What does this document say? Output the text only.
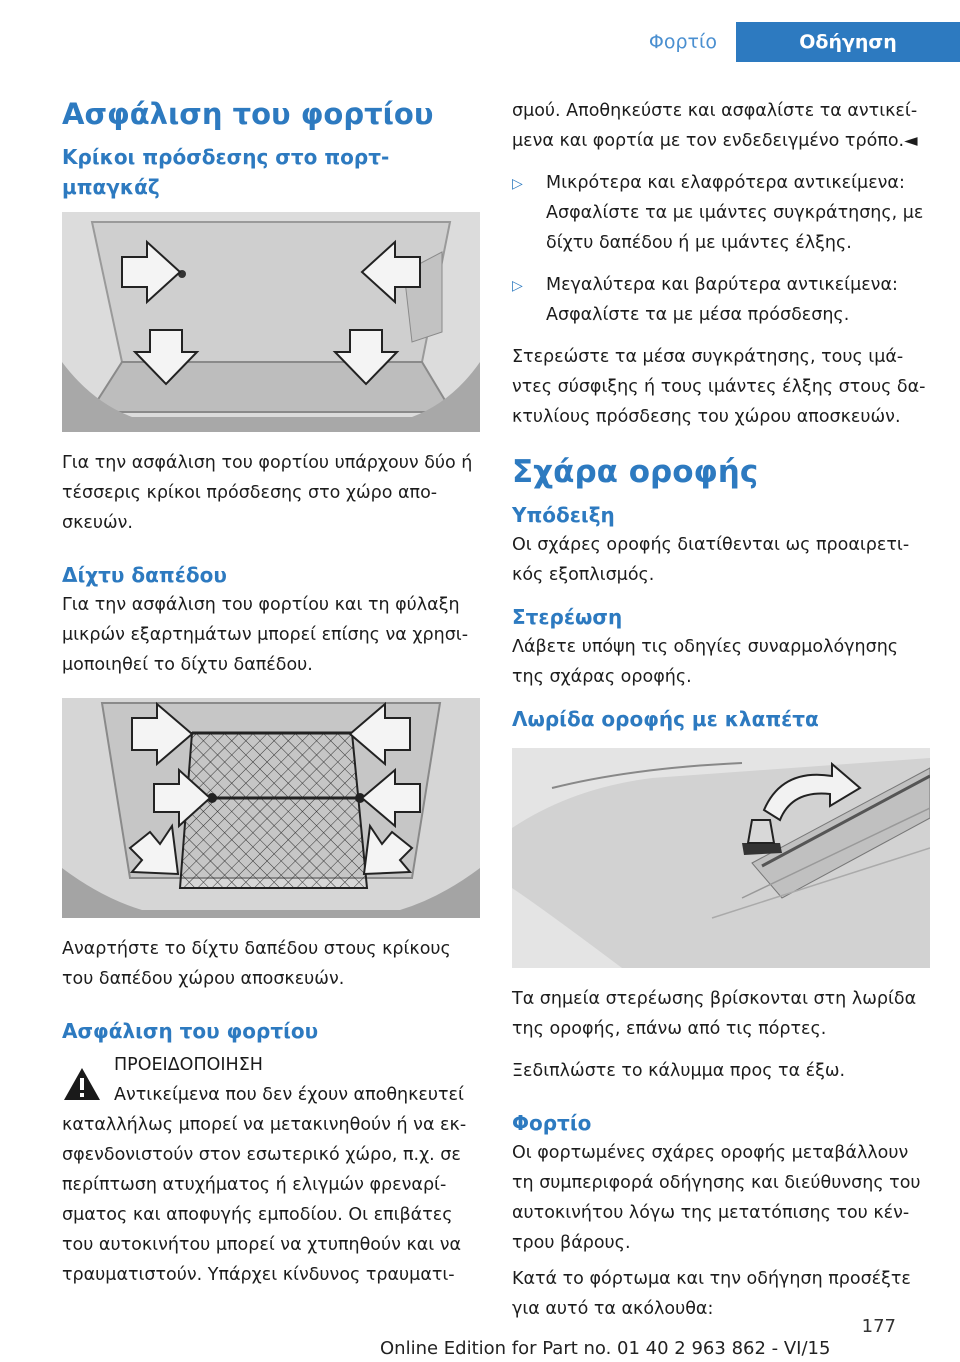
Φορτίο	Οδήγηση
Ασφάλιση του φορτίου
Κρίκοι πρόσδεσης στο πορτ-μπαγκάζ

Για την ασφάλιση του φορτίου υπάρχουν δύο ή τέσσερις κρίκοι πρόσδεσης στο χώρο αποσκευών.

Δίχτυ δαπέδου

Για την ασφάλιση του φορτίου και τη φύλαξη μικρών εξαρτημάτων μπορεί επίσης να χρησιμοποιηθεί το δίχτυ δαπέδου.

Αναρτήστε το δίχτυ δαπέδου στους κρίκους του δαπέδου χώρου αποσκευών.

Ασφάλιση του φορτίου
ΠΡΟΕΙΔΟΠΟΙΗΣΗ
Αντικείμενα που δεν έχουν αποθηκευτεί

καταλλήλως μπορεί να μετακινηθούν ή να εκσφενδονιστούν στον εσωτερικό χώρο, π.χ. σε περίπτωση ατυχήματος ή ελιγμών φρεναρίσματος και αποφυγής εμποδίου. Οι επιβάτες του αυτοκινήτου μπορεί να χτυπηθούν και να τραυματιστούν. Υπάρχει κίνδυνος τραυματι-

σμού. Αποθηκεύστε και ασφαλίστε τα αντικείμενα και φορτία με τον ενδεδειγμένο τρόπο.◄

▷	Μικρότερα και ελαφρότερα αντικείμενα: Ασφαλίστε τα με ιμάντες συγκράτησης, με δίχτυ δαπέδου ή με ιμάντες έλξης.
▷	Μεγαλύτερα και βαρύτερα αντικείμενα: Ασφαλίστε τα με μέσα πρόσδεσης.

Στερεώστε τα μέσα συγκράτησης, τους ιμάντες σύσφιξης ή τους ιμάντες έλξης στους δακτυλίους πρόσδεσης του χώρου αποσκευών.

Σχάρα οροφής
Υπόδειξη

Οι σχάρες οροφής διατίθενται ως προαιρετικός εξοπλισμός.

Στερέωση

Λάβετε υπόψη τις οδηγίες συναρμολόγησης της σχάρας οροφής.

Λωρίδα οροφής με κλαπέτα

Τα σημεία στερέωσης βρίσκονται στη λωρίδα της οροφής, επάνω από τις πόρτες.

Ξεδιπλώστε το κάλυμμα προς τα έξω.

Φορτίο

Οι φορτωμένες σχάρες οροφής μεταβάλλουν τη συμπεριφορά οδήγησης και διεύθυνσης του αυτοκινήτου λόγω της μετατόπισης του κέντρου βάρους.

Κατά το φόρτωμα και την οδήγηση προσέξτε για αυτό τα ακόλουθα:

177
Online Edition for Part no. 01 40 2 963 862 - VI/15
